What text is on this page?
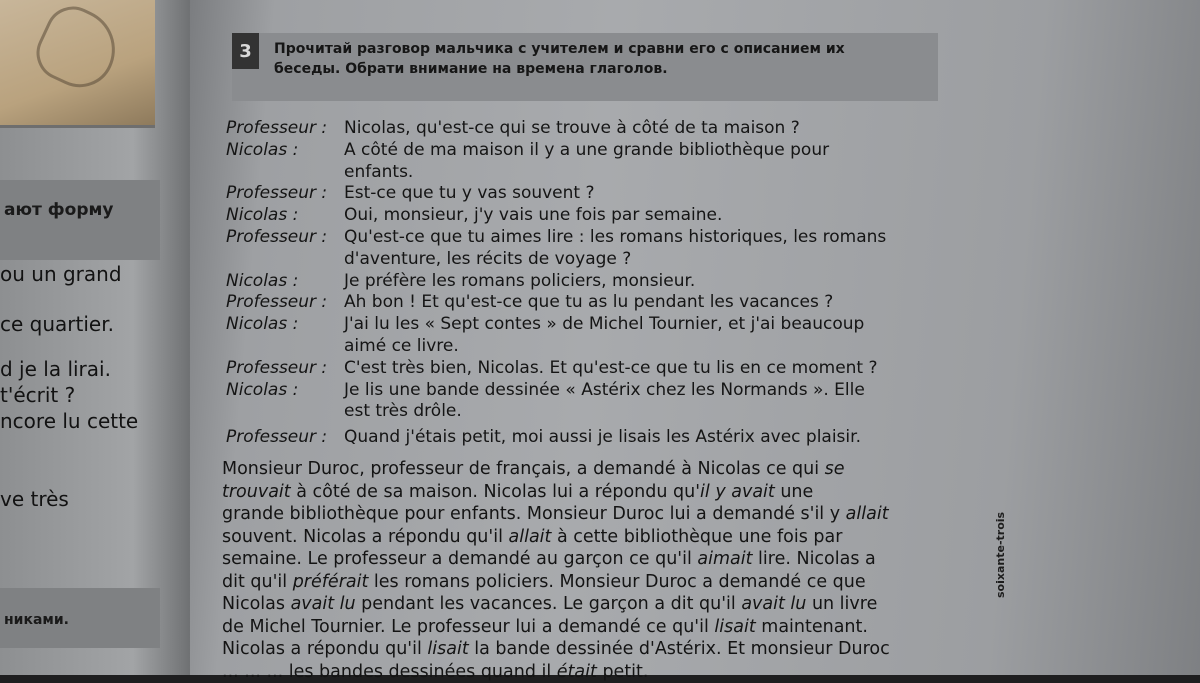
ают форму
ou un grand
ce quartier.
d je la lirai.
t'écrit ?
ncore lu cette
ve très
никами.
3	Прочитай разговор мальчика с учителем и сравни его с описанием их
беседы. Обрати внимание на времена глаголов.
Professeur : Nicolas, qu'est-ce qui se trouve à côté de ta maison ?
Nicolas :	A côté de ma maison il y a une grande bibliothèque pour
enfants.
Professeur : Est-ce que tu y vas souvent ?
Nicolas :	Oui, monsieur, j'y vais une fois par semaine.
Professeur : Qu'est-ce que tu aimes lire : les romans historiques, les romans
d'aventure, les récits de voyage ?
Nicolas :	Je préfère les romans policiers, monsieur.
Professeur : Ah bon ! Et qu'est-ce que tu as lu pendant les vacances ?
Nicolas :	J'ai lu les « Sept contes » de Michel Tournier, et j'ai beaucoup
aimé ce livre.
Professeur : C'est très bien, Nicolas. Et qu'est-ce que tu lis en ce moment ?
Nicolas :	Je lis une bande dessinée « Astérix chez les Normands ». Elle
est très drôle.
Professeur : Quand j'étais petit, moi aussi je lisais les Astérix avec plaisir.
Monsieur Duroc, professeur de français, a demandé à Nicolas ce qui se
trouvait à côté de sa maison. Nicolas lui a répondu qu'il y avait une
grande bibliothèque pour enfants. Monsieur Duroc lui a demandé s'il y allait
souvent. Nicolas a répondu qu'il allait à cette bibliothèque une fois par
semaine. Le professeur a demandé au garçon ce qu'il aimait lire. Nicolas a
dit qu'il préférait les romans policiers. Monsieur Duroc a demandé ce que
Nicolas avait lu pendant les vacances. Le garçon a dit qu'il avait lu un livre
de Michel Tournier. Le professeur lui a demandé ce qu'il lisait maintenant.
Nicolas a répondu qu'il lisait la bande dessinée d'Astérix. Et monsieur Duroc
... ... ... les bandes dessinées quand il était petit.
soixante-trois
